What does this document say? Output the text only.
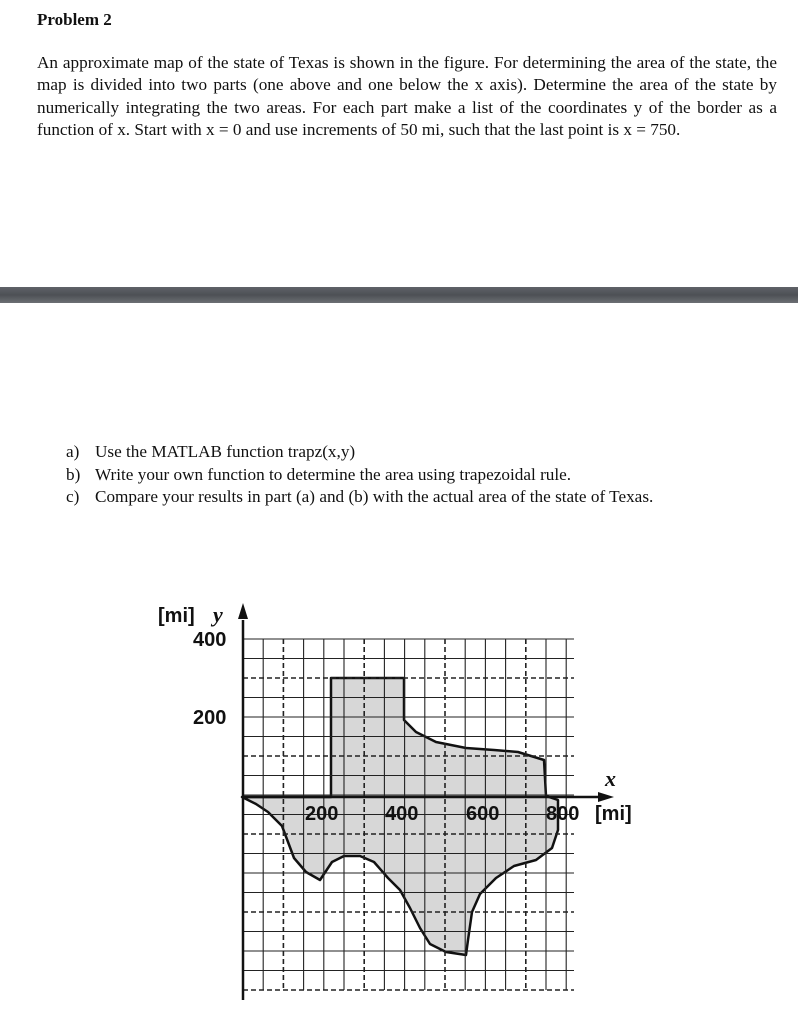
Problem 2

An approximate map of the state of Texas is shown in the figure. For determining the area of the state, the map is divided into two parts (one above and one below the x axis). Determine the area of the state by numerically integrating the two areas. For each part make a list of the coordinates y of the border as a function of x. Start with x = 0 and use increments of 50 mi, such that the last point is x = 750.

a) Use the MATLAB function trapz(x,y)
b) Write your own function to determine the area using trapezoidal rule.
c) Compare your results in part (a) and (b) with the actual area of the state of Texas.
[mi] y
400
200
x
200 400 600 800 [mi]
